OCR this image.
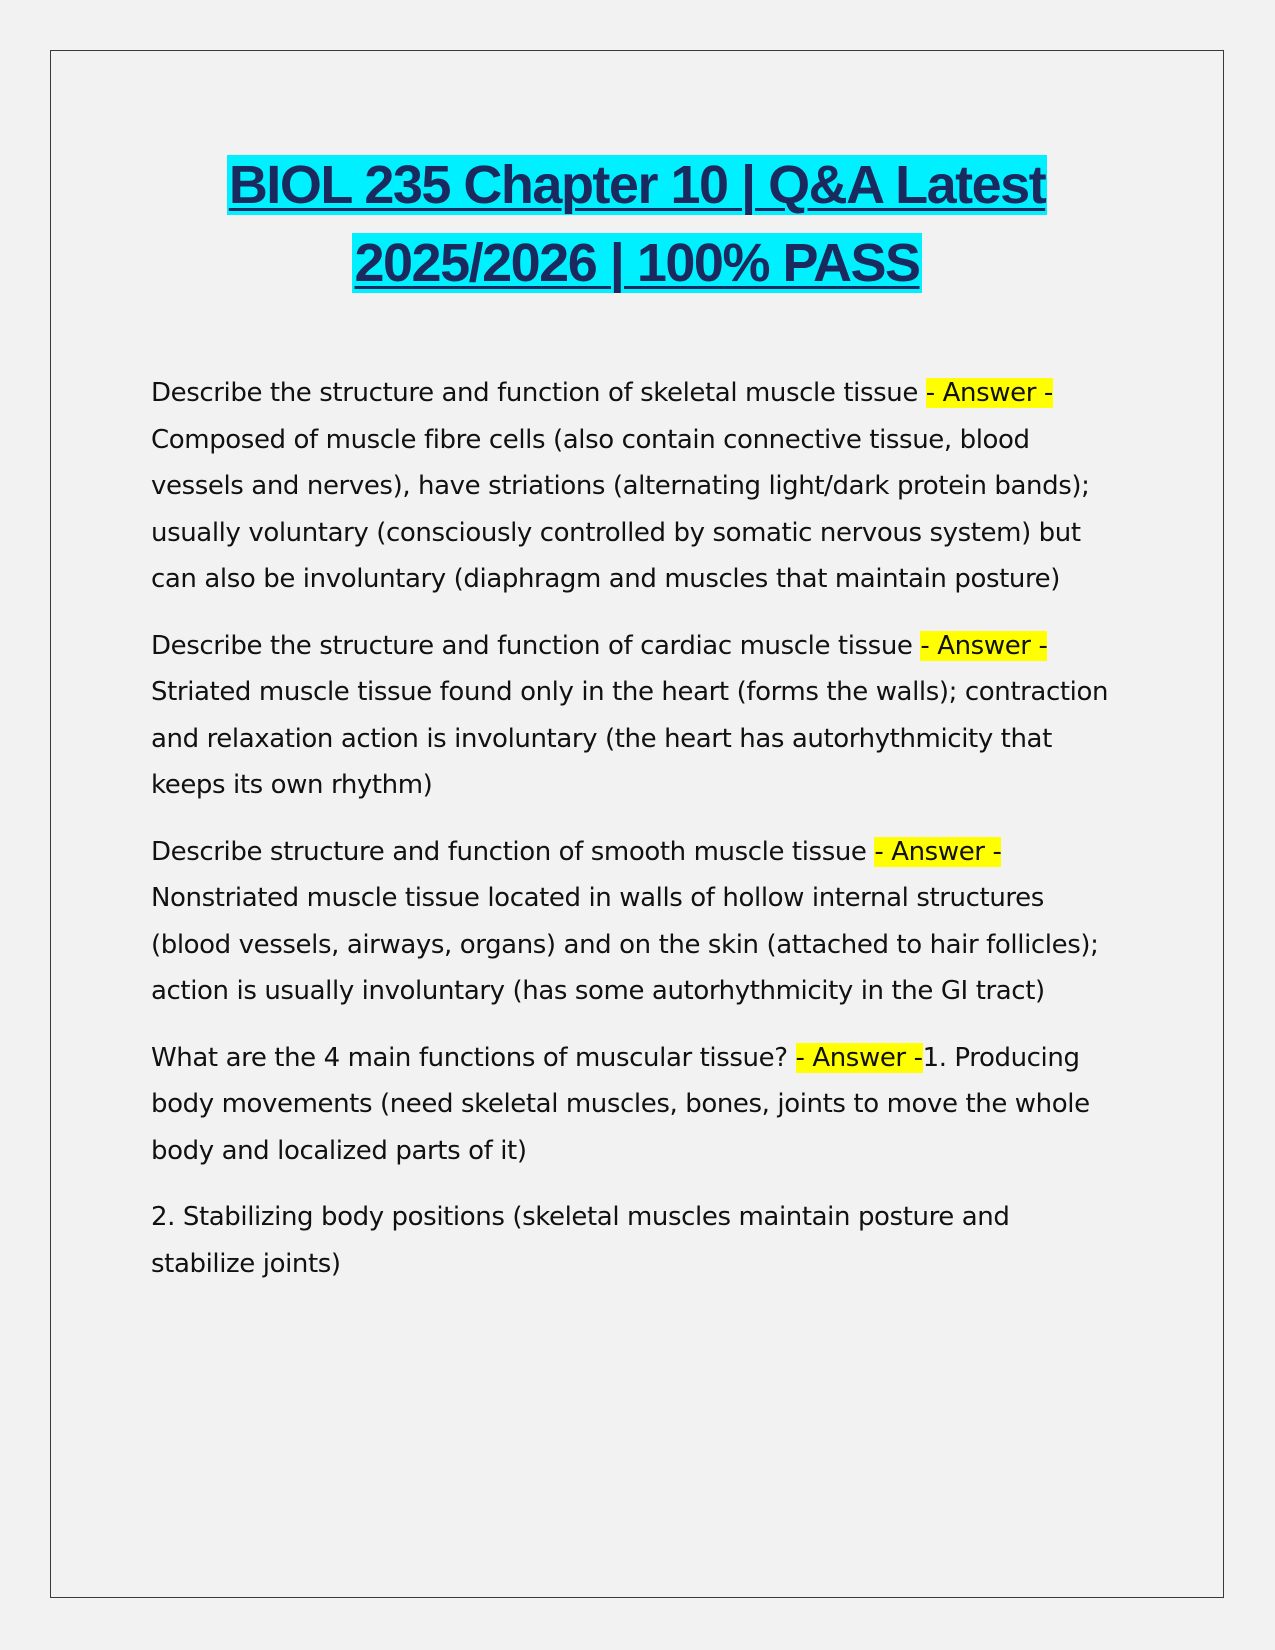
BIOL 235 Chapter 10 | Q&A Latest
2025/2026 | 100% PASS

Describe the structure and function of skeletal muscle tissue - Answer - Composed of muscle fibre cells (also contain connective tissue, blood vessels and nerves), have striations (alternating light/dark protein bands); usually voluntary (consciously controlled by somatic nervous system) but can also be involuntary (diaphragm and muscles that maintain posture)

Describe the structure and function of cardiac muscle tissue - Answer - Striated muscle tissue found only in the heart (forms the walls); contraction and relaxation action is involuntary (the heart has autorhythmicity that keeps its own rhythm)

Describe structure and function of smooth muscle tissue - Answer - Nonstriated muscle tissue located in walls of hollow internal structures (blood vessels, airways, organs) and on the skin (attached to hair follicles); action is usually involuntary (has some autorhythmicity in the GI tract)

What are the 4 main functions of muscular tissue? - Answer -1. Producing body movements (need skeletal muscles, bones, joints to move the whole body and localized parts of it)

2. Stabilizing body positions (skeletal muscles maintain posture and stabilize joints)
